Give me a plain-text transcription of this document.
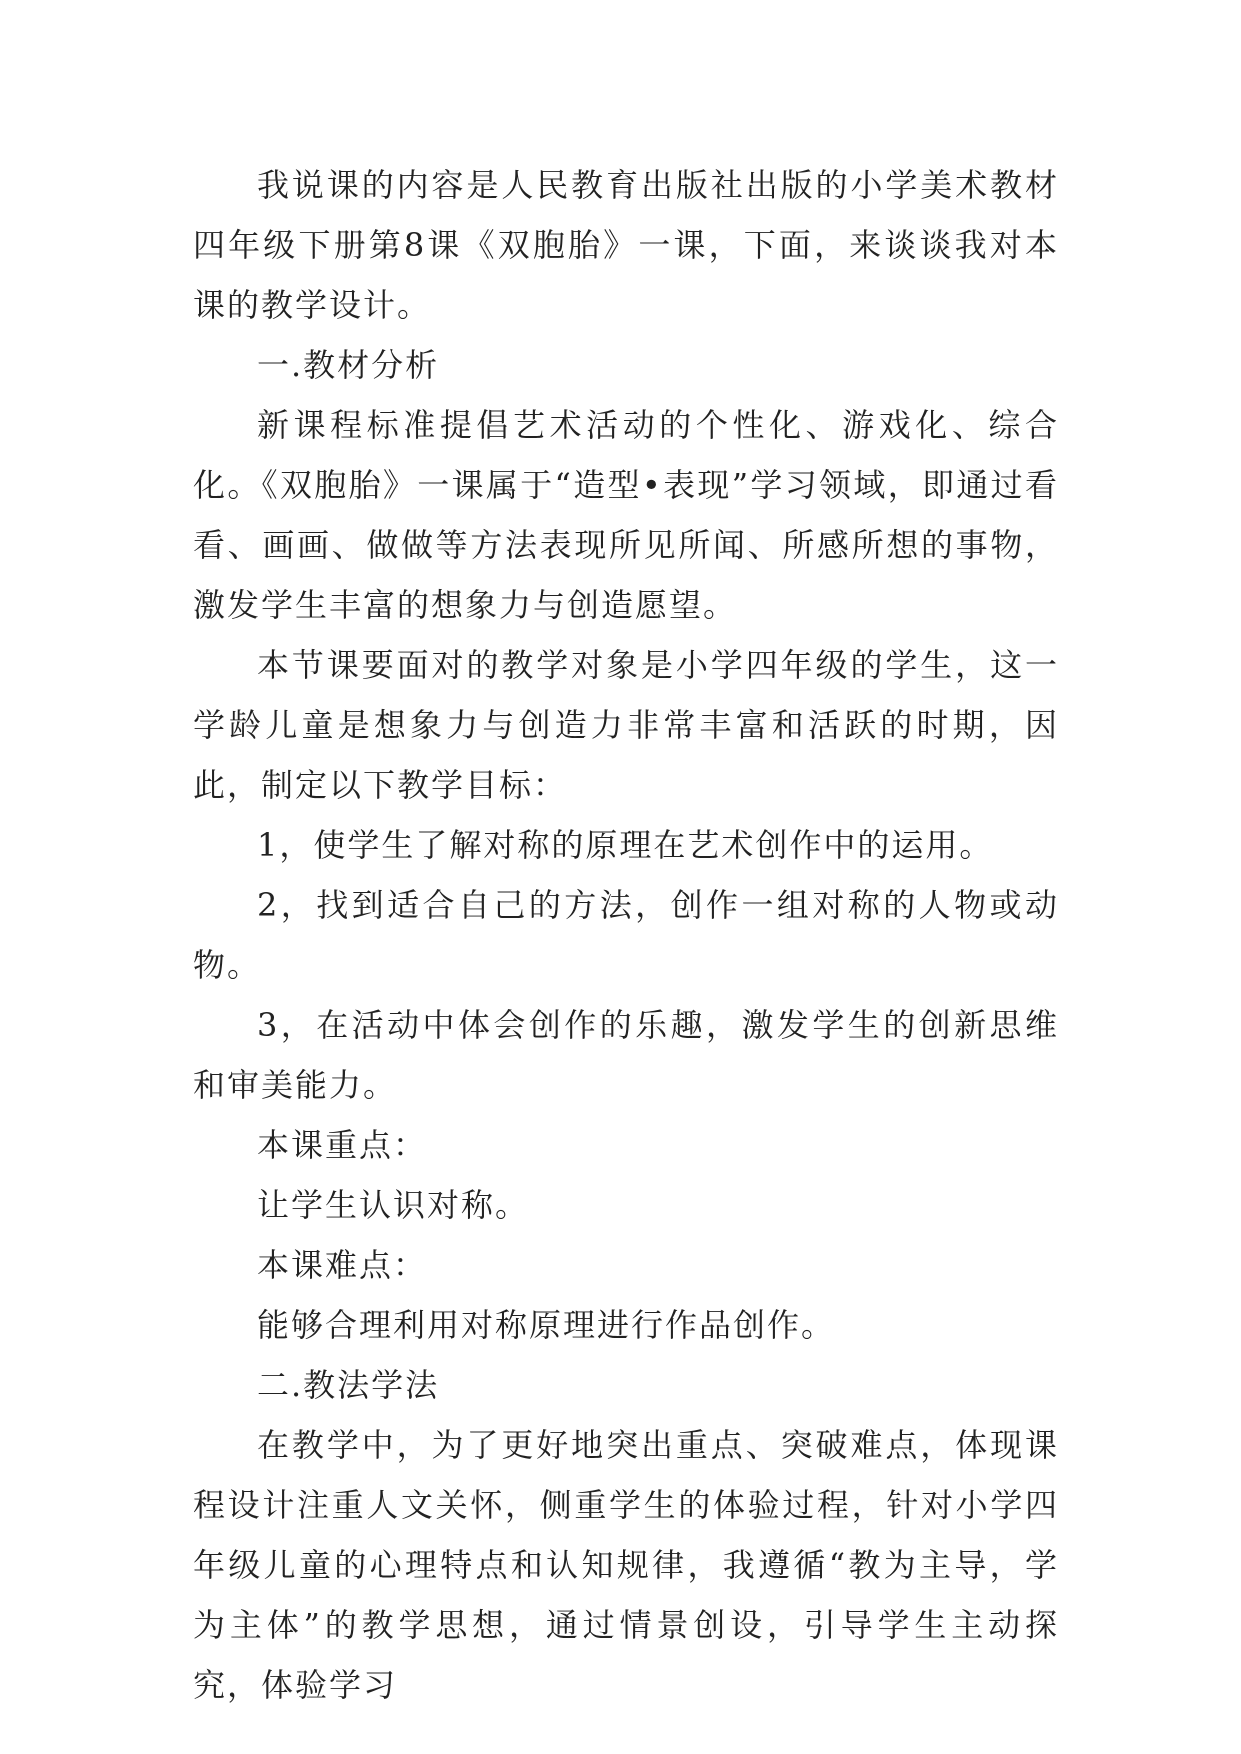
我说课的内容是人民教育出版社出版的小学美术教材四年级下册第8课《双胞胎》一课，下面，来谈谈我对本课的教学设计。

一.教材分析

新课程标准提倡艺术活动的个性化、游戏化、综合化。《双胞胎》一课属于“造型•表现”学习领域，即通过看看、画画、做做等方法表现所见所闻、所感所想的事物，激发学生丰富的想象力与创造愿望。

本节课要面对的教学对象是小学四年级的学生，这一学龄儿童是想象力与创造力非常丰富和活跃的时期，因此，制定以下教学目标：

1，使学生了解对称的原理在艺术创作中的运用。

2，找到适合自己的方法，创作一组对称的人物或动物。

3，在活动中体会创作的乐趣，激发学生的创新思维和审美能力。

本课重点：

让学生认识对称。

本课难点：

能够合理利用对称原理进行作品创作。

二.教法学法

在教学中，为了更好地突出重点、突破难点，体现课程设计注重人文关怀，侧重学生的体验过程，针对小学四年级儿童的心理特点和认知规律，我遵循“教为主导，学为主体”的教学思想，通过情景创设，引导学生主动探究，体验学习
